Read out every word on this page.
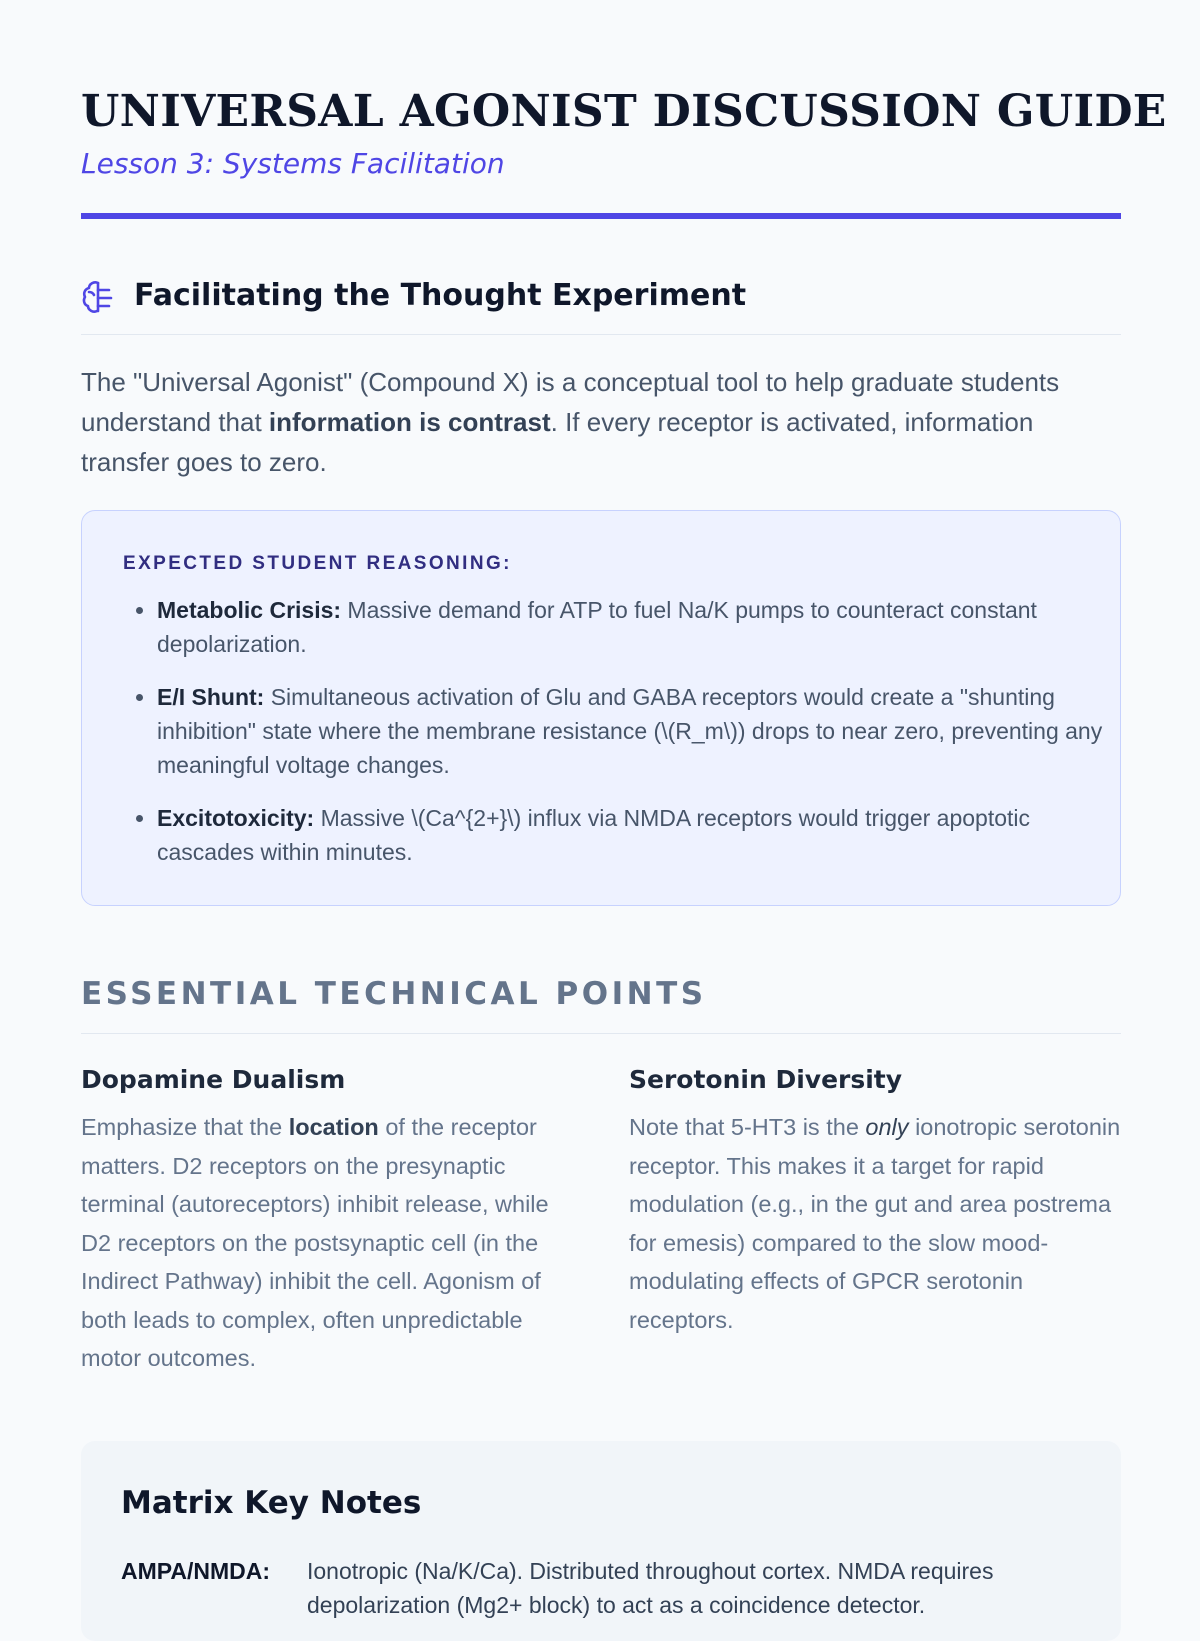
UNIVERSAL AGONIST DISCUSSION GUIDE
Lesson 3: Systems Facilitation
Facilitating the Thought Experiment

The "Universal Agonist" (Compound X) is a conceptual tool to help graduate students understand that information is contrast. If every receptor is activated, information transfer goes to zero.

EXPECTED STUDENT REASONING:
• Metabolic Crisis: Massive demand for ATP to fuel Na/K pumps to counteract constant depolarization.
• E/I Shunt: Simultaneous activation of Glu and GABA receptors would create a "shunting inhibition" state where the membrane resistance (\(R_m\)) drops to near zero, preventing any meaningful voltage changes.
• Excitotoxicity: Massive \(Ca^{2+}\) influx via NMDA receptors would trigger apoptotic cascades within minutes.
ESSENTIAL TECHNICAL POINTS
Dopamine Dualism

Emphasize that the location of the receptor matters. D2 receptors on the presynaptic terminal (autoreceptors) inhibit release, while D2 receptors on the postsynaptic cell (in the Indirect Pathway) inhibit the cell. Agonism of both leads to complex, often unpredictable motor outcomes.

Serotonin Diversity

Note that 5-HT3 is the only ionotropic serotonin receptor. This makes it a target for rapid modulation (e.g., in the gut and area postrema for emesis) compared to the slow mood-modulating effects of GPCR serotonin receptors.

Matrix Key Notes
AMPA/NMDA: Ionotropic (Na/K/Ca). Distributed throughout cortex. NMDA requires depolarization (Mg2+ block) to act as a coincidence detector.
